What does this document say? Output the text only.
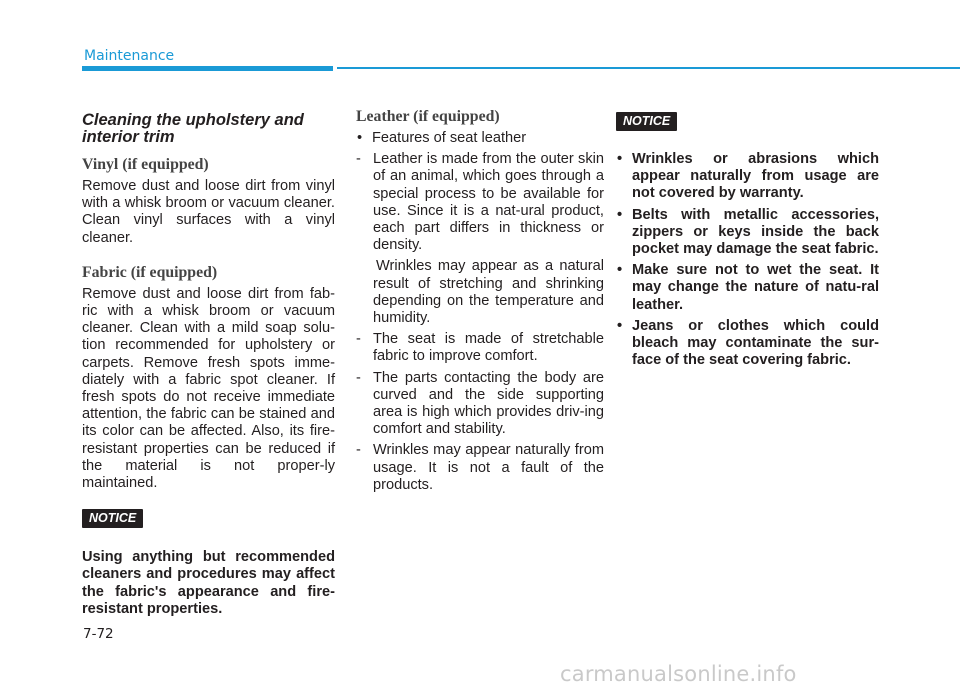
Maintenance
Cleaning the upholstery and
interior trim
Vinyl (if equipped)

Remove dust and loose dirt from vinyl with a whisk broom or vacuum cleaner. Clean vinyl surfaces with a vinyl cleaner.

Fabric (if equipped)

Remove dust and loose dirt from fab-ric with a whisk broom or vacuum cleaner. Clean with a mild soap solu-tion recommended for upholstery or carpets. Remove fresh spots imme-diately with a fabric spot cleaner. If fresh spots do not receive immediate attention, the fabric can be stained and its color can be affected. Also, its fire-resistant properties can be reduced if the material is not proper-ly maintained.

NOTICE

Using anything but recommended cleaners and procedures may affect the fabric's appearance and fire-resistant properties.

Leather (if equipped)
• Features of seat leather
- Leather is made from the outer skin of an animal, which goes through a special process to be available for use. Since it is a nat-ural product, each part differs in thickness or density.
Wrinkles may appear as a natural result of stretching and shrinking depending on the temperature and humidity.
- The seat is made of stretchable fabric to improve comfort.
- The parts contacting the body are curved and the side supporting area is high which provides driv-ing comfort and stability.
- Wrinkles may appear naturally from usage. It is not a fault of the products.
NOTICE
• Wrinkles or abrasions which appear naturally from usage are not covered by warranty.
• Belts with metallic accessories, zippers or keys inside the back pocket may damage the seat fabric.
• Make sure not to wet the seat. It may change the nature of natu-ral leather.
• Jeans or clothes which could bleach may contaminate the sur-face of the seat covering fabric.
7-72
carmanualsonline.info
